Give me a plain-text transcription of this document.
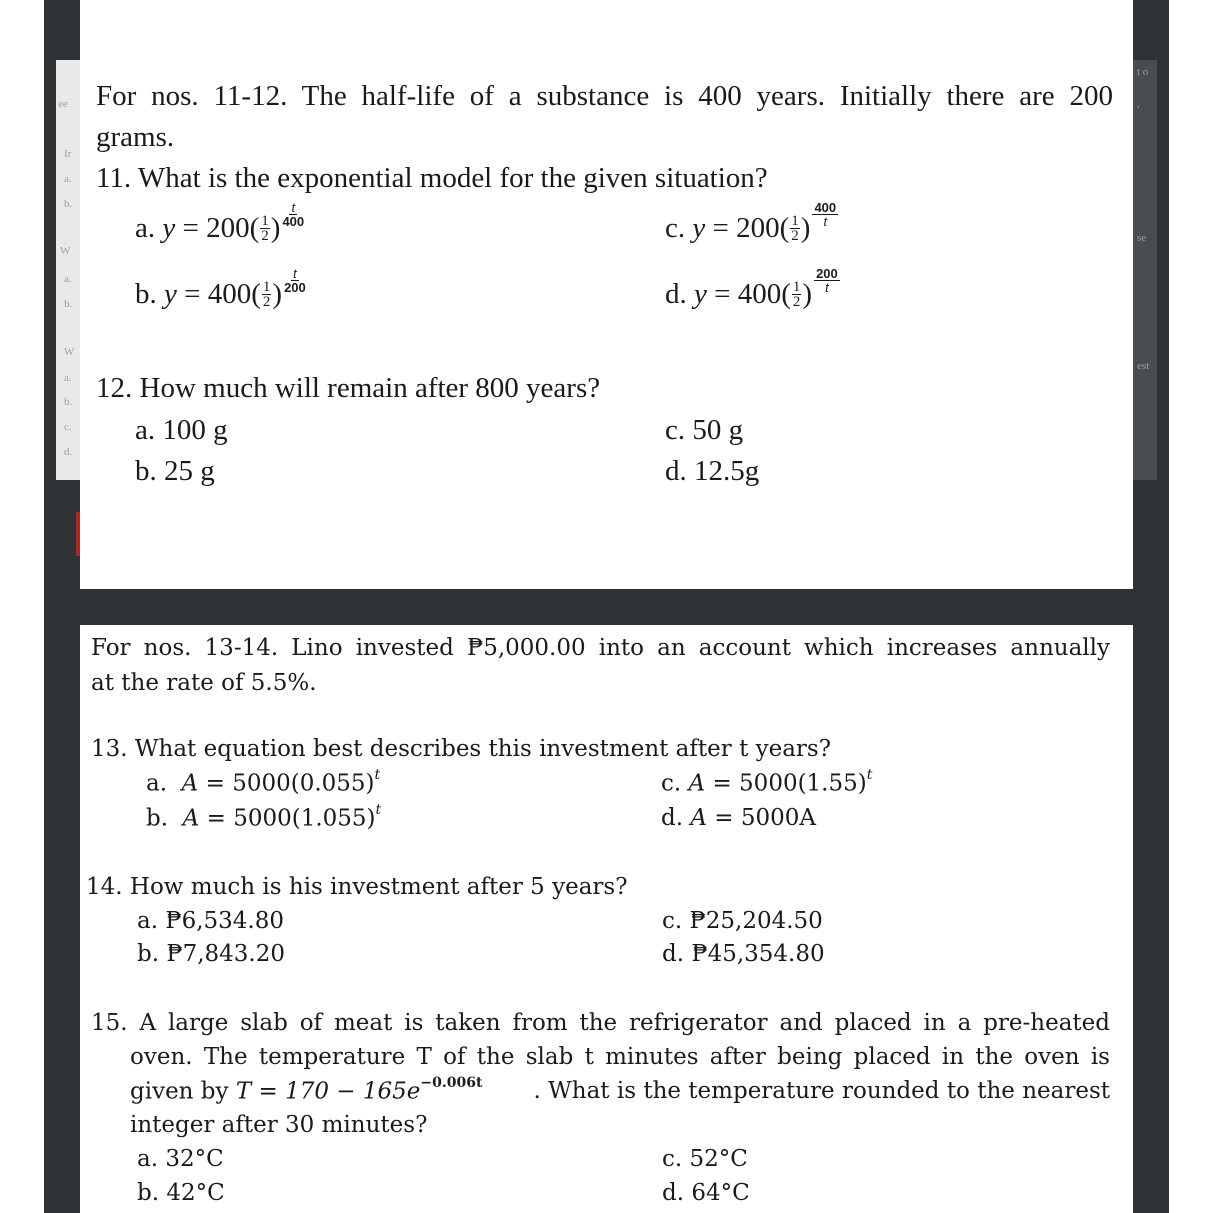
ee
Ir
a.
b.
W
a.
b.
W
a.
b.
c.
d.
t o
,
se
est
For nos. 11-12. The half-life of a substance is 400 years. Initially there are 200
grams.
11. What is the exponential model for the given situation?
a.
y
=
200 ( $\frac{1}{2}$ ) $\frac{t}{400}$
b.
y
=
400 ( $\frac{1}{2}$ ) $\frac{t}{200}$
c.
y
=
200 ( $\frac{1}{2}$ ) $\frac{400}{t}$
d.
y
=
400 ( $\frac{1}{2}$ ) $\frac{200}{t}$
12. How much will remain after 800 years?
a. 100 g
b. 25 g
c. 50 g
d. 12.5g
For nos. 13-14. Lino invested ₱5,000.00 into an account which increases annually
at the rate of 5.5%.
13. What equation best describes this investment after t years?
a. $A = 5000(0.055)^t$
b. $A = 5000(1.055)^t$
c. $A = 5000(1.55)^t$
d. A = 5000A
14. How much is his investment after 5 years?
a. ₱6,534.80
b. ₱7,843.20
c. ₱25,204.50
d. ₱45,354.80
15. A large slab of meat is taken from the refrigerator and placed in a pre-heated
oven. The temperature T of the slab t minutes after being placed in the oven is
given by $T = 170 - 165e^{-0.006t}$ . What is the temperature rounded to the nearest
integer after 30 minutes?
a. 32°C
b. 42°C
c. 52°C
d. 64°C
